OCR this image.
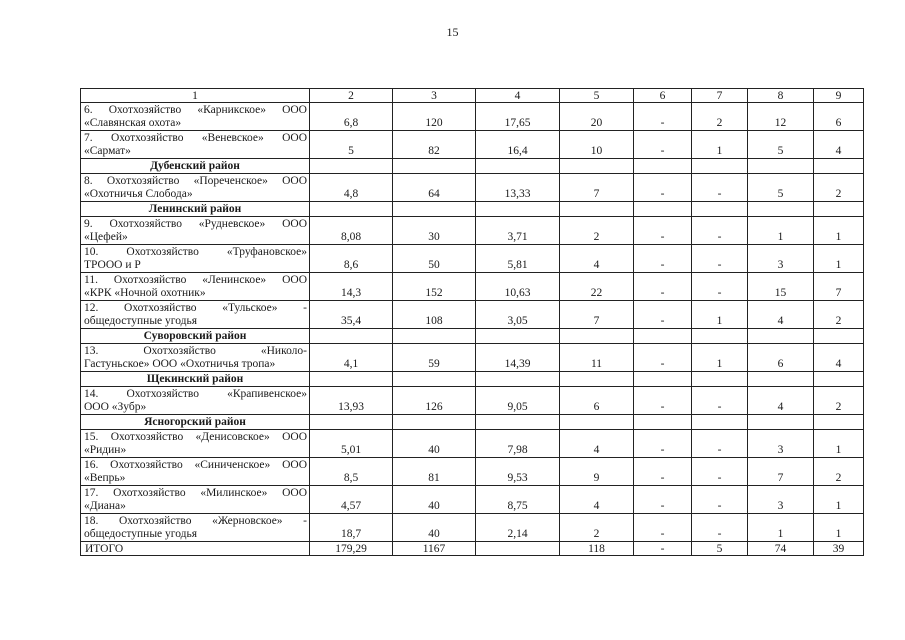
15
1	2	3	4	5	6	7	8	9

6. Охотхозяйство «Карникское» ООО
«Славянская охота»	6,8	120	17,65	20	-	2	12	6

7. Охотхозяйство «Веневское» ООО
«Сармат»	5	82	16,4	10	-	1	5	4
Дубенский район								

8. Охотхозяйство «Пореченское» ООО
«Охотничья Слобода»	4,8	64	13,33	7	-	-	5	2
Ленинский район								

9. Охотхозяйство «Рудневское» ООО
«Цефей»	8,08	30	3,71	2	-	-	1	1

10. Охотхозяйство «Труфановское»
ТРОOO и Р	8,6	50	5,81	4	-	-	3	1

11. Охотхозяйство «Ленинское» ООО
«КРК «Ночной охотник»	14,3	152	10,63	22	-	-	15	7

12. Охотхозяйство «Тульское» -
общедоступные угодья	35,4	108	3,05	7	-	1	4	2
Суворовский район								

13. Охотхозяйство «Николо-
Гастуньское» ООО «Охотничья тропа»	4,1	59	14,39	11	-	1	6	4
Щекинский район								

14. Охотхозяйство «Крапивенское»
ООО «Зубр»	13,93	126	9,05	6	-	-	4	2
Ясногорский район								

15. Охотхозяйство «Денисовское» ООО
«Ридин»	5,01	40	7,98	4	-	-	3	1

16. Охотхозяйство «Синиченское» ООО
«Вепрь»	8,5	81	9,53	9	-	-	7	2

17. Охотхозяйство «Милинское» ООО
«Диана»	4,57	40	8,75	4	-	-	3	1

18. Охотхозяйство «Жерновское» -
общедоступные угодья	18,7	40	2,14	2	-	-	1	1
ИТОГО	179,29	1167		118	-	5	74	39
